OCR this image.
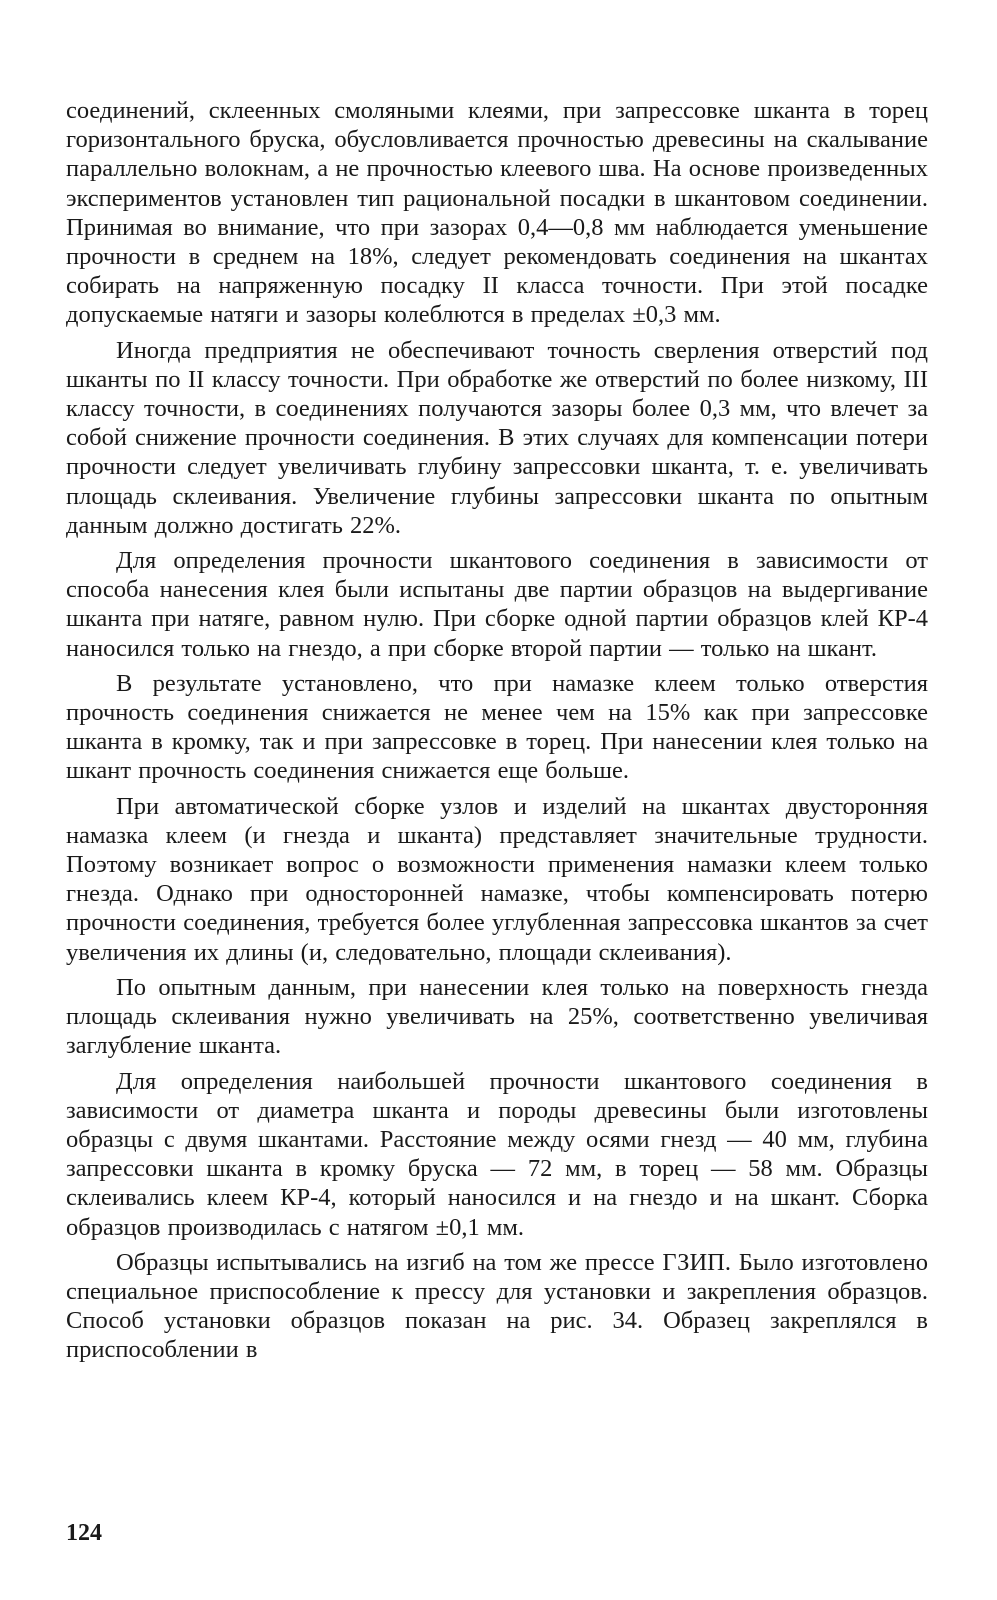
соединений, склеенных смоляными клеями, при запрессовке шканта в торец горизонтального бруска, обусловливается прочностью древесины на скалывание параллельно волокнам, а не прочностью клеевого шва. На основе произведенных экспериментов установлен тип рациональной посадки в шкантовом соединении. Принимая во внимание, что при зазорах 0,4—0,8 мм наблюдается уменьшение прочности в среднем на 18%, следует рекомендовать соединения на шкантах собирать на напряженную посадку II класса точности. При этой посадке допускаемые натяги и зазоры колеблются в пределах ±0,3 мм.

Иногда предприятия не обеспечивают точность сверления отверстий под шканты по II классу точности. При обработке же отверстий по более низкому, III классу точности, в соединениях получаются зазоры более 0,3 мм, что влечет за собой снижение прочности соединения. В этих случаях для компенсации потери прочности следует увеличивать глубину запрессовки шканта, т. е. увеличивать площадь склеивания. Увеличение глубины запрессовки шканта по опытным данным должно достигать 22%.

Для определения прочности шкантового соединения в зависимости от способа нанесения клея были испытаны две партии образцов на выдергивание шканта при натяге, равном нулю. При сборке одной партии образцов клей КР-4 наносился только на гнездо, а при сборке второй партии — только на шкант.

В результате установлено, что при намазке клеем только отверстия прочность соединения снижается не менее чем на 15% как при запрессовке шканта в кромку, так и при запрессовке в торец. При нанесении клея только на шкант прочность соединения снижается еще больше.

При автоматической сборке узлов и изделий на шкантах двусторонняя намазка клеем (и гнезда и шканта) представляет значительные трудности. Поэтому возникает вопрос о возможности применения намазки клеем только гнезда. Однако при односторонней намазке, чтобы компенсировать потерю прочности соединения, требуется более углубленная запрессовка шкантов за счет увеличения их длины (и, следовательно, площади склеивания).

По опытным данным, при нанесении клея только на поверхность гнезда площадь склеивания нужно увеличивать на 25%, соответственно увеличивая заглубление шканта.

Для определения наибольшей прочности шкантового соединения в зависимости от диаметра шканта и породы древесины были изготовлены образцы с двумя шкантами. Расстояние между осями гнезд — 40 мм, глубина запрессовки шканта в кромку бруска — 72 мм, в торец — 58 мм. Образцы склеивались клеем КР-4, который наносился и на гнездо и на шкант. Сборка образцов производилась с натягом ±0,1 мм.

Образцы испытывались на изгиб на том же прессе ГЗИП. Было изготовлено специальное приспособление к прессу для установки и закрепления образцов. Способ установки образцов показан на рис. 34. Образец закреплялся в приспособлении в

124
